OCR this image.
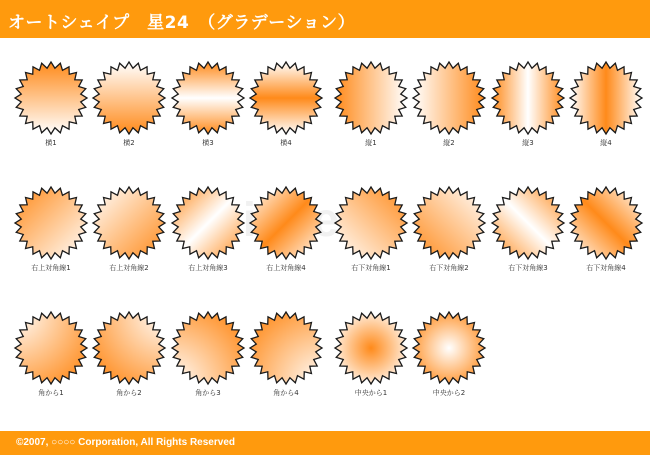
オートシェイプ　星24　（グラデーション）
横1	横2	横3	横4	縦1	縦2	縦3	縦4
右上対角線1	右上対角線2	右上対角線3	右上対角線4	右下対角線1	右下対角線2	右下対角線3	右下対角線4
角から1	角から2	角から3	角から4	中央から1	中央から2
©2007, ○○○○ Corporation, All Rights Reserved
